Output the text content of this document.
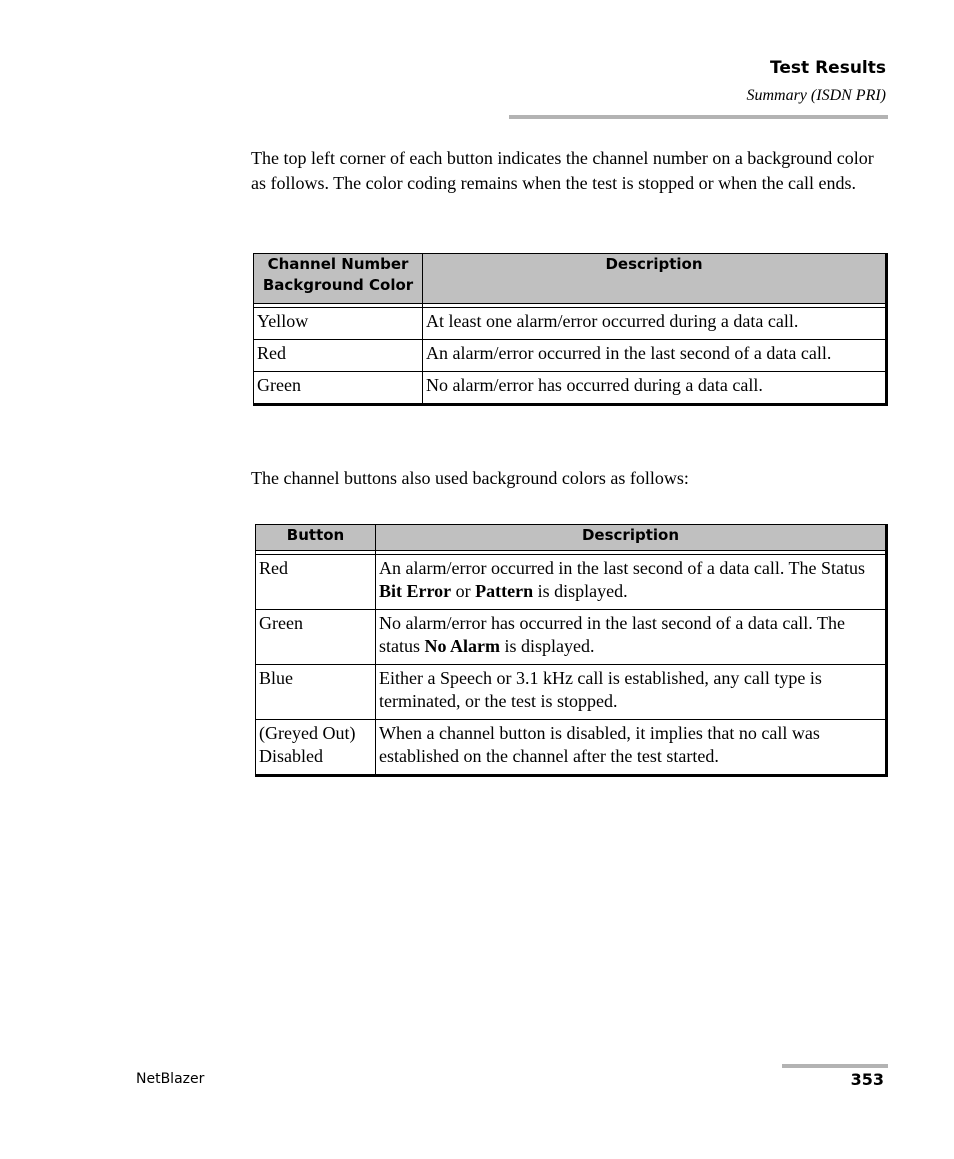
Test Results
Summary (ISDN PRI)
The top left corner of each button indicates the channel number on a background color as follows. The color coding remains when the test is stopped or when the call ends.
Channel Number
Background Color	Description

Yellow	At least one alarm/error occurred during a data call.
Red	An alarm/error occurred in the last second of a data call.
Green	No alarm/error has occurred during a data call.
The channel buttons also used background colors as follows:
Button	Description

Red	An alarm/error occurred in the last second of a data call. The Status Bit Error or Pattern is displayed.
Green	No alarm/error has occurred in the last second of a data call. The status No Alarm is displayed.
Blue	Either a Speech or 3.1 kHz call is established, any call type is terminated, or the test is stopped.

(Greyed Out)
Disabled	When a channel button is disabled, it implies that no call was established on the channel after the test started.
NetBlazer	353
